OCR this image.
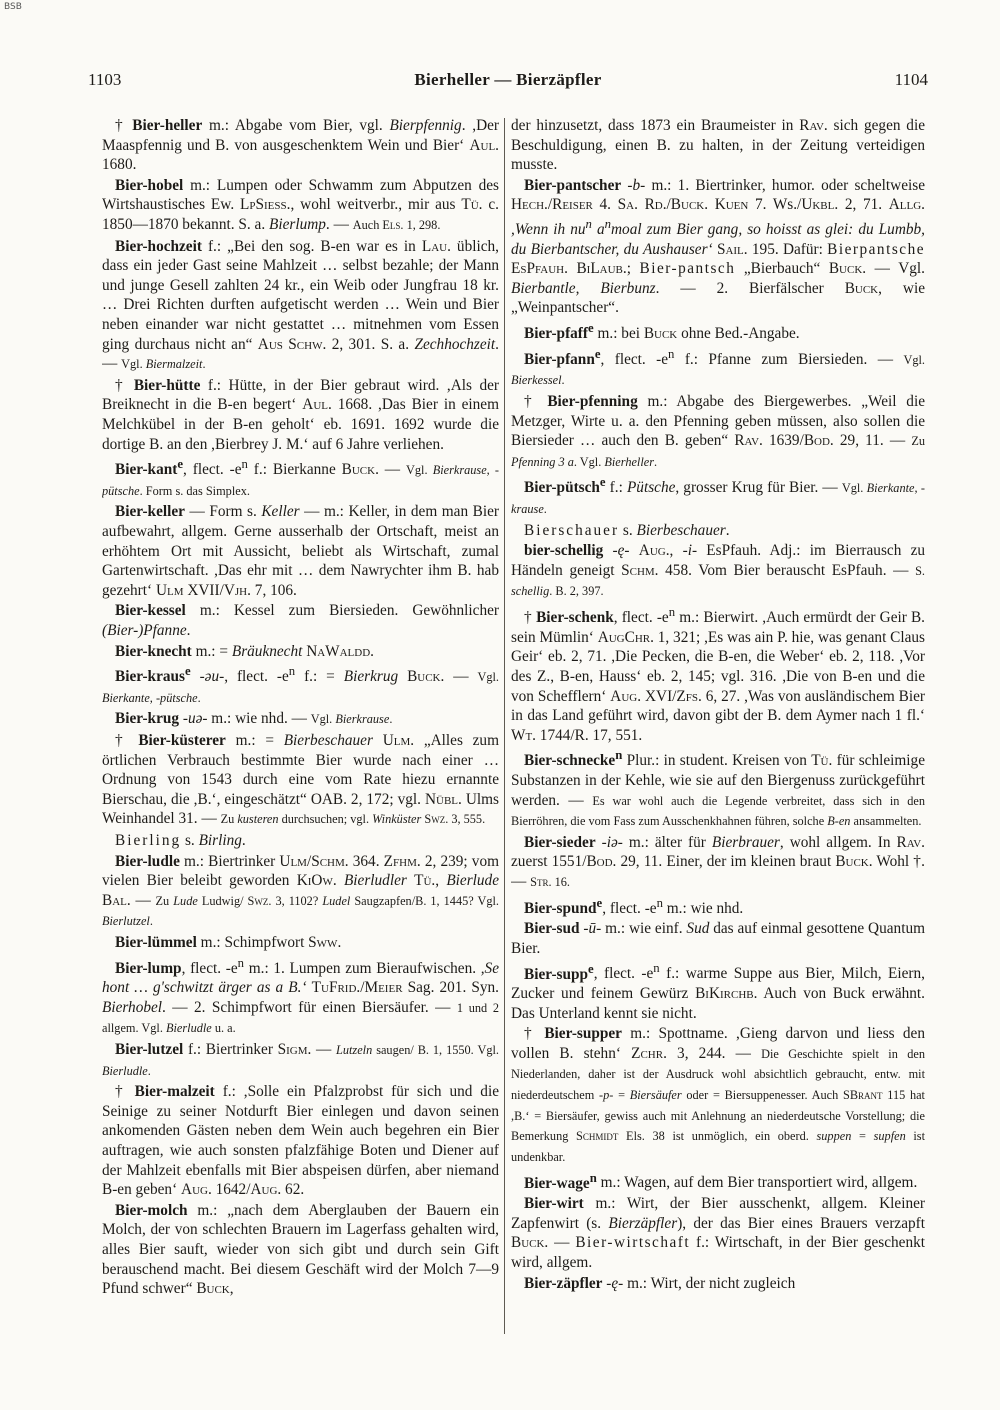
BSB
1103	Bierheller — Bierzäpfler	1104

† Bier-heller m.: Abgabe vom Bier, vgl. Bierpfennig. ,Der Maaspfennig und B. von ausgeschenktem Wein und Bier‘ Aul. 1680.

Bier-hobel m.: Lumpen oder Schwamm zum Abputzen des Wirtshaustisches Ew. LpSiess., wohl weitverbr., mir aus Tü. c. 1850—1870 bekannt. S. a. Bierlump. — Auch Els. 1, 298.

Bier-hochzeit f.: „Bei den sog. B-en war es in Lau. üblich, dass ein jeder Gast seine Mahlzeit … selbst bezahle; der Mann und junge Gesell zahlten 24 kr., ein Weib oder Jungfrau 18 kr. … Drei Richten durften aufgetischt werden … Wein und Bier neben einander war nicht gestattet … mitnehmen vom Essen ging durchaus nicht an“ Aus Schw. 2, 301. S. a. Zechhochzeit. — Vgl. Biermalzeit.

† Bier-hütte f.: Hütte, in der Bier gebraut wird. ,Als der Breiknecht in die B-en begert‘ Aul. 1668. ,Das Bier in einem Melchkübel in der B-en geholt‘ eb. 1691. 1692 wurde die dortige B. an den ,Bierbrey J. M.‘ auf 6 Jahre verliehen.

Bier-kant$^e$, flect. $-e^n$ f.: Bierkanne Buck. — Vgl. Bierkrause, -pütsche. Form s. das Simplex.

Bier-keller — Form s. Keller — m.: Keller, in dem man Bier aufbewahrt, allgem. Gerne ausserhalb der Ortschaft, meist an erhöhtem Ort mit Aussicht, beliebt als Wirtschaft, zumal Gartenwirtschaft. ,Das ehr mit … dem Nawrychter ihm B. hab gezehrt‘ Ulm XVII/Vjh. 7, 106.

Bier-kessel m.: Kessel zum Biersieden. Gewöhnlicher (Bier-)Pfanne.

Bier-knecht m.: = Bräuknecht NaWaldd.

Bier-kraus$^e$ -əu-, flect. $-e^n$ f.: = Bierkrug Buck. — Vgl. Bierkante, -pütsche.

Bier-krug -uə- m.: wie nhd. — Vgl. Bierkrause.

† Bier-küsterer m.: = Bierbeschauer Ulm. „Alles zum örtlichen Verbrauch bestimmte Bier wurde nach einer … Ordnung von 1543 durch eine vom Rate hiezu ernannte Bierschau, die ,B.‘, eingeschätzt“ OAB. 2, 172; vgl. Nübl. Ulms Weinhandel 31. — Zu kusteren durchsuchen; vgl. Winküster Swz. 3, 555.

Bierling s. Birling.

Bier-ludle m.: Biertrinker Ulm/Schm. 364. Zfhm. 2, 239; vom vielen Bier beleibt geworden KiOw. Bierludler Tü., Bierlude Bal. — Zu Lude Ludwig/ Swz. 3, 1102? Ludel Saugzapfen/B. 1, 1445? Vgl. Bierlutzel.

Bier-lümmel m.: Schimpfwort Sww.

Bier-lump, flect. $-e^n$ m.: 1. Lumpen zum Bieraufwischen. ,Se hont … g'schwitzt ärger as a B.‘ TuFrid./Meier Sag. 201. Syn. Bierhobel. — 2. Schimpfwort für einen Biersäufer. — 1 und 2 allgem. Vgl. Bierludle u. a.

Bier-lutzel f.: Biertrinker Sigm. — Lutzeln saugen/ B. 1, 1550. Vgl. Bierludle.

† Bier-malzeit f.: ,Solle ein Pfalzprobst für sich und die Seinige zu seiner Notdurft Bier einlegen und davon seinen ankomenden Gästen neben dem Wein auch begehren ein Bier auftragen, wie auch sonsten pfalzfähige Boten und Diener auf der Mahlzeit ebenfalls mit Bier abspeisen dürfen, aber niemand B-en geben‘ Aug. 1642/Aug. 62.

Bier-molch m.: „nach dem Aberglauben der Bauern ein Molch, der von schlechten Brauern im Lagerfass gehalten wird, alles Bier sauft, wieder von sich gibt und durch sein Gift berauschend macht. Bei diesem Geschäft wird der Molch 7—9 Pfund schwer“ Buck,

der hinzusetzt, dass 1873 ein Braumeister in Rav. sich gegen die Beschuldigung, einen B. zu halten, in der Zeitung verteidigen musste.

Bier-pantscher -b- m.: 1. Biertrinker, humor. oder scheltweise Hech./Reiser 4. Sa. Rd./Buck. Kuen 7. Ws./Ukbl. 2, 71. Allg. ,Wenn ih $nu^n$ $a^nmoal$ zum Bier gang, so hoisst as glei: du Lumbb, du Bierbantscher, du Aushauser‘ Sail. 195. Dafür: Bierpantsche EsPfauh. BiLaub.; Bier-pantsch „Bierbauch“ Buck. — Vgl. Bierbantle, Bierbunz. — 2. Bierfälscher Buck, wie „Weinpantscher“.

Bier-pfaff$^e$ m.: bei Buck ohne Bed.-Angabe.

Bier-pfann$^e$, flect. $-e^n$ f.: Pfanne zum Biersieden. — Vgl. Bierkessel.

† Bier-pfenning m.: Abgabe des Biergewerbes. „Weil die Metzger, Wirte u. a. den Pfenning geben müssen, also sollen die Biersieder … auch den B. geben“ Rav. 1639/Bod. 29, 11. — Zu Pfenning 3 a. Vgl. Bierheller.

Bier-pütsch$^e$ f.: Pütsche, grosser Krug für Bier. — Vgl. Bierkante, -krause.

Bierschauer s. Bierbeschauer.

bier-schellig -ę- Aug., -i- EsPfauh. Adj.: im Bierrausch zu Händeln geneigt Schm. 458. Vom Bier berauscht EsPfauh. — S. schellig. B. 2, 397.

† Bier-schenk, flect. $-e^n$ m.: Bierwirt. ,Auch ermürdt der Geir B. sein Mümlin‘ AugChr. 1, 321; ,Es was ain P. hie, was genant Claus Geir‘ eb. 2, 71. ,Die Pecken, die B-en, die Weber‘ eb. 2, 118. ,Vor des Z., B-en, Hauss‘ eb. 2, 145; vgl. 316. ,Die von B-en und die von Schefflern‘ Aug. XVI/Zfs. 6, 27. ,Was von ausländischem Bier in das Land geführt wird, davon gibt der B. dem Aymer nach 1 fl.‘ Wt. 1744/R. 17, 551.

Bier-schnecke$^n$ Plur.: in student. Kreisen von Tü. für schleimige Substanzen in der Kehle, wie sie auf den Biergenuss zurückgeführt werden. — Es war wohl auch die Legende verbreitet, dass sich in den Bierröhren, die vom Fass zum Ausschenkhahnen führen, solche B-en ansammelten.

Bier-sieder -iə- m.: älter für Bierbrauer, wohl allgem. In Rav. zuerst 1551/Bod. 29, 11. Einer, der im kleinen braut Buck. Wohl †. — Str. 16.

Bier-spund$^e$, flect. $-e^n$ m.: wie nhd.

Bier-sud -ū- m.: wie einf. Sud das auf einmal gesottene Quantum Bier.

Bier-supp$^e$, flect. $-e^n$ f.: warme Suppe aus Bier, Milch, Eiern, Zucker und feinem Gewürz BiKirchb. Auch von Buck erwähnt. Das Unterland kennt sie nicht.

† Bier-supper m.: Spottname. ,Gieng darvon und liess den vollen B. stehn‘ Zchr. 3, 244. — Die Geschichte spielt in den Niederlanden, daher ist der Ausdruck wohl absichtlich gebraucht, entw. mit niederdeutschem -p- = Biersäufer oder = Biersuppenesser. Auch SBrant 115 hat ,B.‘ = Biersäufer, gewiss auch mit Anlehnung an niederdeutsche Vorstellung; die Bemerkung Schmidt Els. 38 ist unmöglich, ein oberd. suppen = supfen ist undenkbar.

Bier-wage$^n$ m.: Wagen, auf dem Bier transportiert wird, allgem.

Bier-wirt m.: Wirt, der Bier ausschenkt, allgem. Kleiner Zapfenwirt (s. Bierzäpfler), der das Bier eines Brauers verzapft Buck. — Bier-wirtschaft f.: Wirtschaft, in der Bier geschenkt wird, allgem.

Bier-zäpfler -ę- m.: Wirt, der nicht zugleich
